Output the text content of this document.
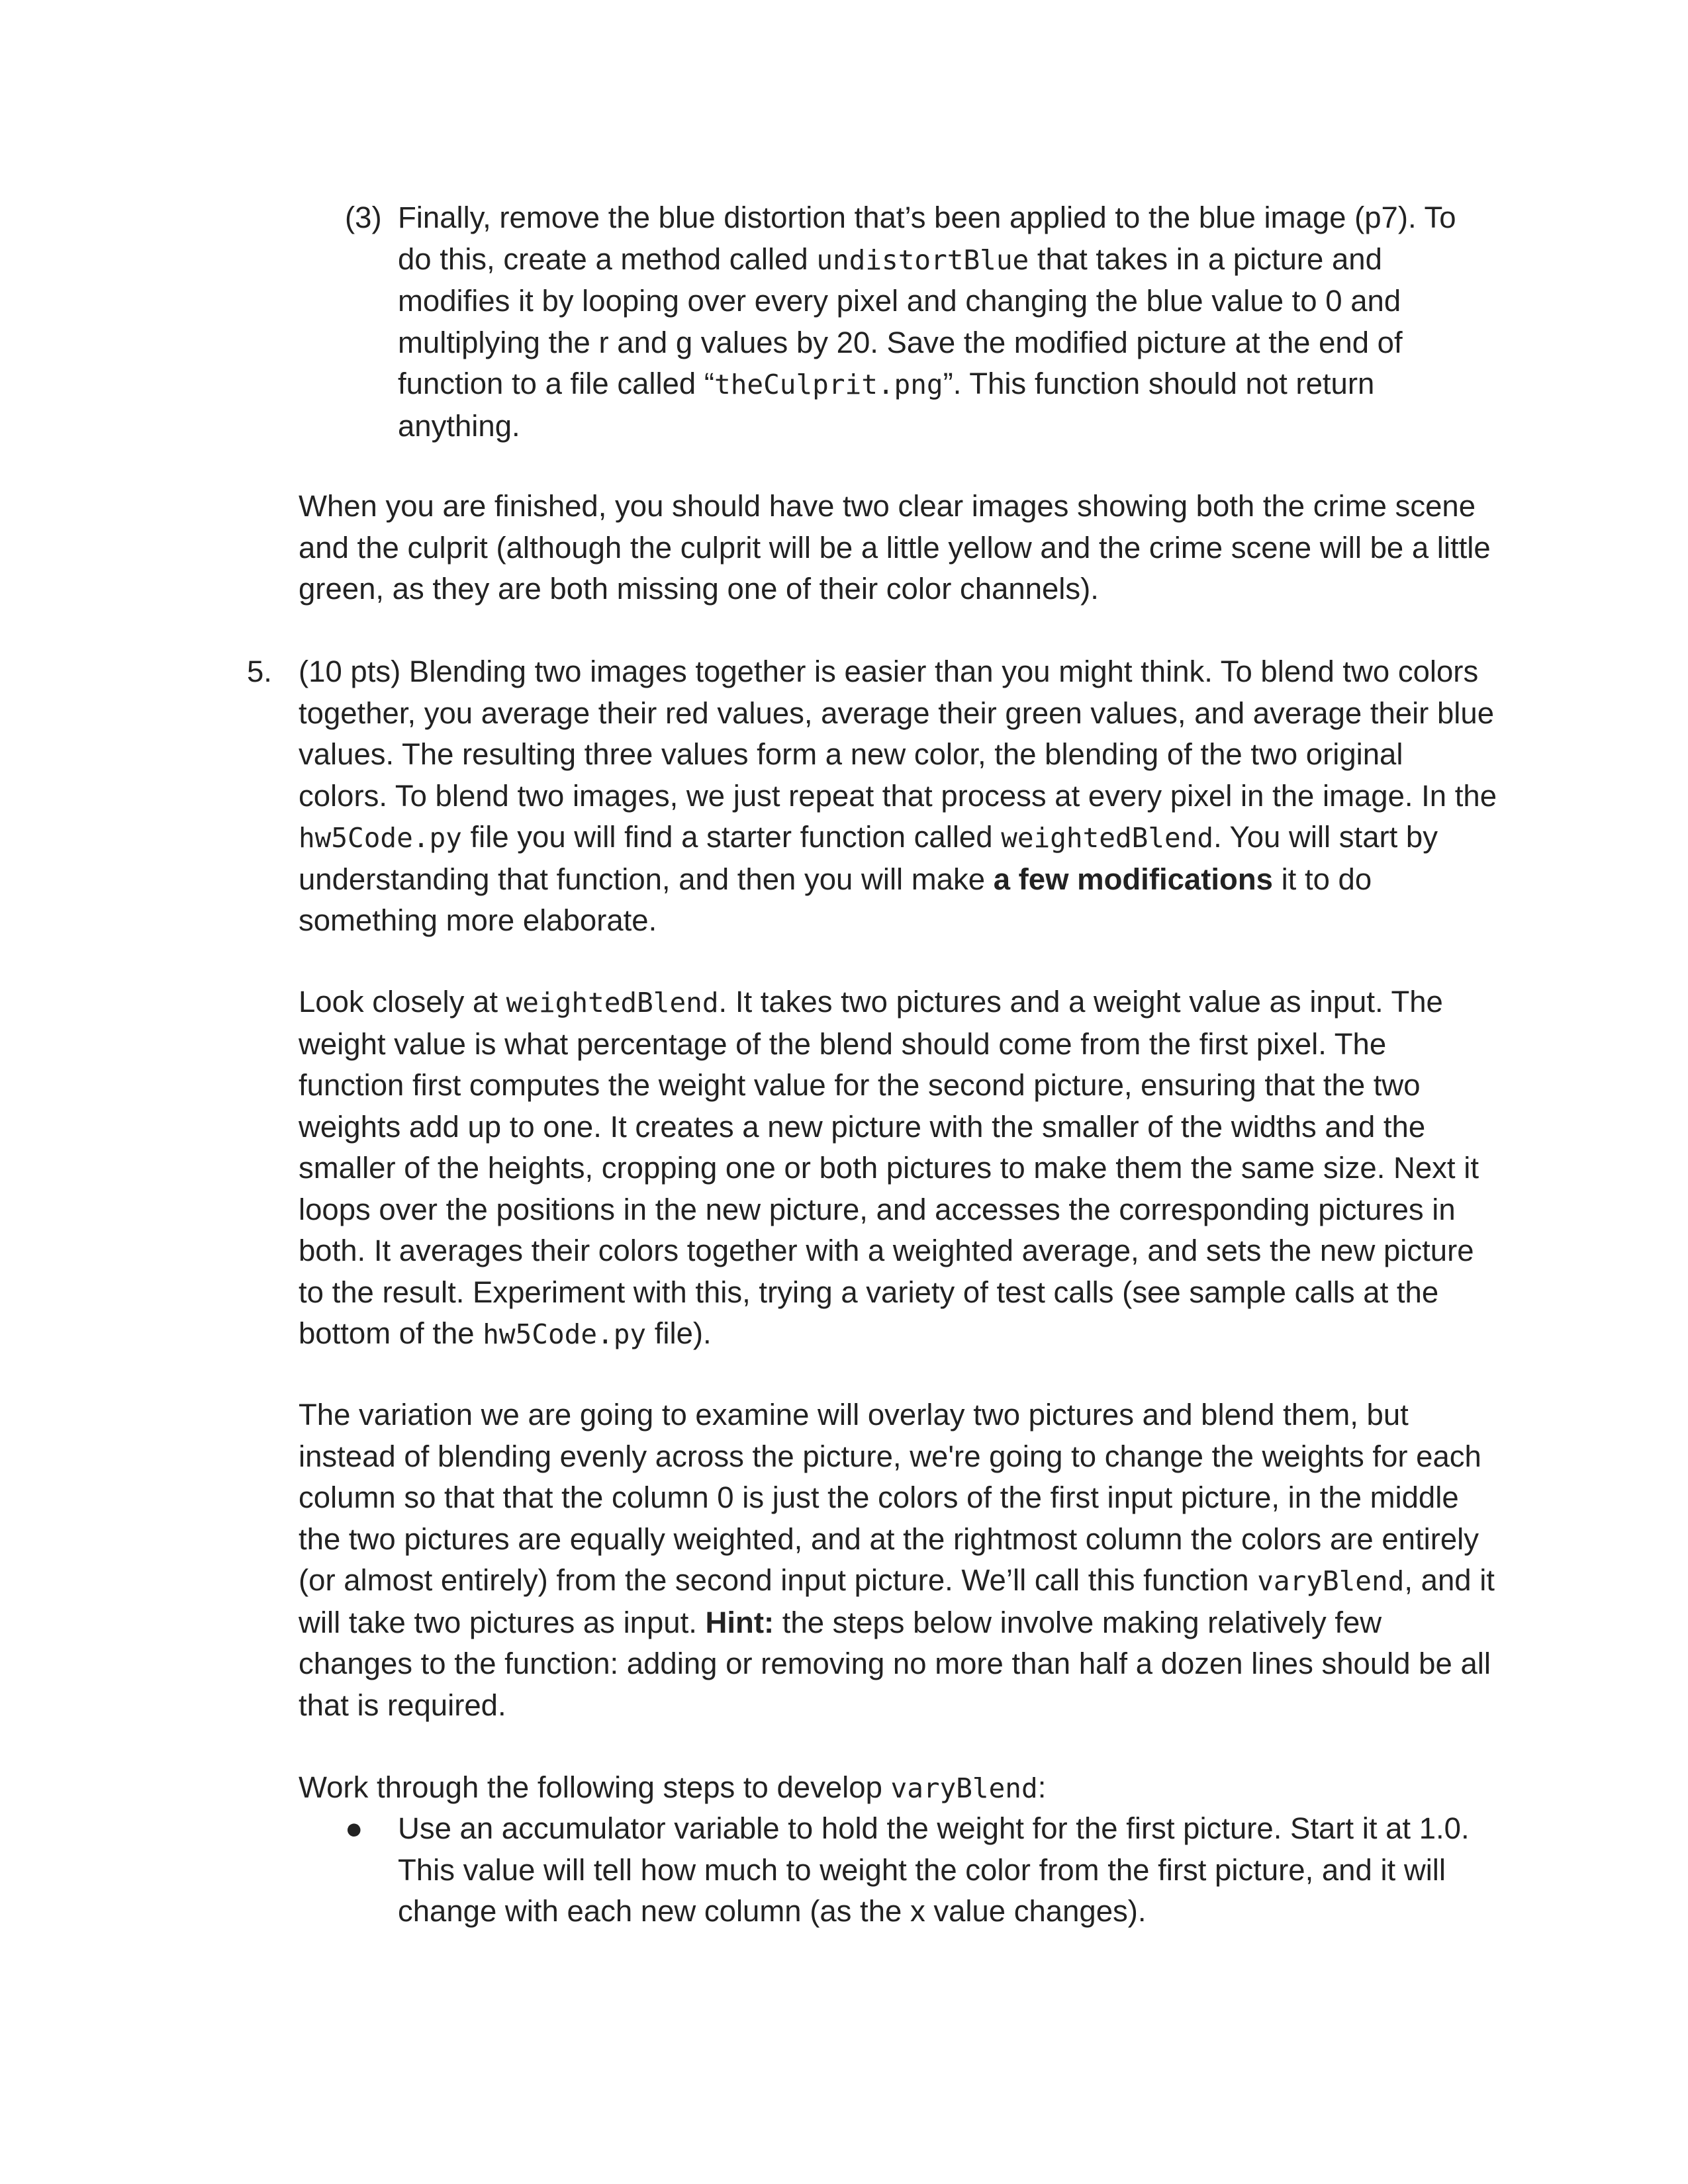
(3) Finally, remove the blue distortion that’s been applied to the blue image (p7). To do this, create a method called undistortBlue that takes in a picture and modifies it by looping over every pixel and changing the blue value to 0 and multiplying the r and g values by 20. Save the modified picture at the end of function to a file called “theCulprit.png”. This function should not return anything.

When you are finished, you should have two clear images showing both the crime scene and the culprit (although the culprit will be a little yellow and the crime scene will be a little green, as they are both missing one of their color channels).

5. (10 pts) Blending two images together is easier than you might think. To blend two colors together, you average their red values, average their green values, and average their blue values. The resulting three values form a new color, the blending of the two original colors. To blend two images, we just repeat that process at every pixel in the image. In the hw5Code.py file you will find a starter function called weightedBlend. You will start by understanding that function, and then you will make a few modifications it to do something more elaborate.

Look closely at weightedBlend. It takes two pictures and a weight value as input. The weight value is what percentage of the blend should come from the first pixel. The function first computes the weight value for the second picture, ensuring that the two weights add up to one. It creates a new picture with the smaller of the widths and the smaller of the heights, cropping one or both pictures to make them the same size. Next it loops over the positions in the new picture, and accesses the corresponding pictures in both. It averages their colors together with a weighted average, and sets the new picture to the result. Experiment with this, trying a variety of test calls (see sample calls at the bottom of the hw5Code.py file).

The variation we are going to examine will overlay two pictures and blend them, but instead of blending evenly across the picture, we're going to change the weights for each column so that that the column 0 is just the colors of the first input picture, in the middle the two pictures are equally weighted, and at the rightmost column the colors are entirely (or almost entirely) from the second input picture. We’ll call this function varyBlend, and it will take two pictures as input. Hint: the steps below involve making relatively few changes to the function: adding or removing no more than half a dozen lines should be all that is required.

Work through the following steps to develop varyBlend:

● Use an accumulator variable to hold the weight for the first picture. Start it at 1.0. This value will tell how much to weight the color from the first picture, and it will change with each new column (as the x value changes).
